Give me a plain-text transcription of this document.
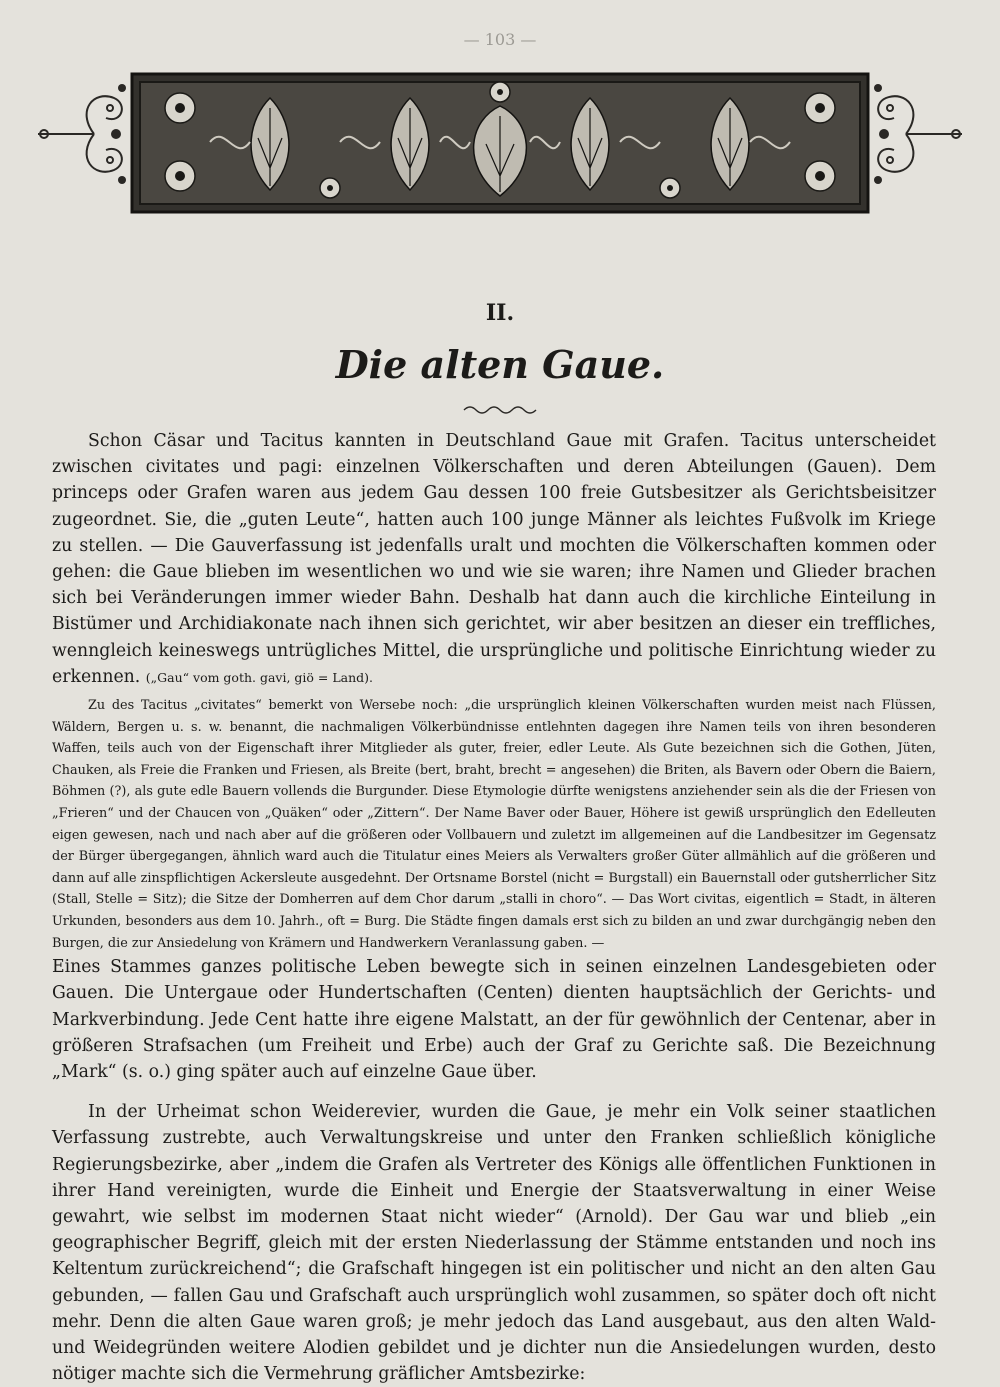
— 103 —
II.
Die alten Gaue.

Schon Cäsar und Tacitus kannten in Deutschland Gaue mit Grafen. Tacitus unterscheidet zwischen civitates und pagi: einzelnen Völkerschaften und deren Abteilungen (Gauen). Dem princeps oder Grafen waren aus jedem Gau dessen 100 freie Gutsbesitzer als Gerichtsbeisitzer zugeordnet. Sie, die „guten Leute“, hatten auch 100 junge Männer als leichtes Fußvolk im Kriege zu stellen. — Die Gauverfassung ist jedenfalls uralt und mochten die Völkerschaften kommen oder gehen: die Gaue blieben im wesentlichen wo und wie sie waren; ihre Namen und Glieder brachen sich bei Veränderungen immer wieder Bahn. Deshalb hat dann auch die kirchliche Einteilung in Bistümer und Archidiakonate nach ihnen sich gerichtet, wir aber besitzen an dieser ein treffliches, wenngleich keineswegs untrügliches Mittel, die ursprüngliche und politische Einrichtung wieder zu erkennen. („Gau“ vom goth. gavi, giö = Land).

Zu des Tacitus „civitates“ bemerkt von Wersebe noch: „die ursprünglich kleinen Völkerschaften wurden meist nach Flüssen, Wäldern, Bergen u. s. w. benannt, die nachmaligen Völkerbündnisse entlehnten dagegen ihre Namen teils von ihren besonderen Waffen, teils auch von der Eigenschaft ihrer Mitglieder als guter, freier, edler Leute. Als Gute bezeichnen sich die Gothen, Jüten, Chauken, als Freie die Franken und Friesen, als Breite (bert, braht, brecht = angesehen) die Briten, als Bavern oder Obern die Baiern, Böhmen (?), als gute edle Bauern vollends die Burgunder. Diese Etymologie dürfte wenigstens anziehender sein als die der Friesen von „Frieren“ und der Chaucen von „Quäken“ oder „Zittern“. Der Name Baver oder Bauer, Höhere ist gewiß ursprünglich den Edelleuten eigen gewesen, nach und nach aber auf die größeren oder Vollbauern und zuletzt im allgemeinen auf die Landbesitzer im Gegensatz der Bürger übergegangen, ähnlich ward auch die Titulatur eines Meiers als Verwalters großer Güter allmählich auf die größeren und dann auf alle zinspflichtigen Ackersleute ausgedehnt. Der Ortsname Borstel (nicht = Burgstall) ein Bauernstall oder gutsherrlicher Sitz (Stall, Stelle = Sitz); die Sitze der Domherren auf dem Chor darum „stalli in choro“. — Das Wort civitas, eigentlich = Stadt, in älteren Urkunden, besonders aus dem 10. Jahrh., oft = Burg. Die Städte fingen damals erst sich zu bilden an und zwar durchgängig neben den Burgen, die zur Ansiedelung von Krämern und Handwerkern Veranlassung gaben. —

Eines Stammes ganzes politische Leben bewegte sich in seinen einzelnen Landesgebieten oder Gauen. Die Untergaue oder Hundertschaften (Centen) dienten hauptsächlich der Gerichts- und Markverbindung. Jede Cent hatte ihre eigene Malstatt, an der für gewöhnlich der Centenar, aber in größeren Strafsachen (um Freiheit und Erbe) auch der Graf zu Gerichte saß. Die Bezeichnung „Mark“ (s. o.) ging später auch auf einzelne Gaue über.

In der Urheimat schon Weiderevier, wurden die Gaue, je mehr ein Volk seiner staatlichen Verfassung zustrebte, auch Verwaltungskreise und unter den Franken schließlich königliche Regierungsbezirke, aber „indem die Grafen als Vertreter des Königs alle öffentlichen Funktionen in ihrer Hand vereinigten, wurde die Einheit und Energie der Staatsverwaltung in einer Weise gewahrt, wie selbst im modernen Staat nicht wieder“ (Arnold). Der Gau war und blieb „ein geographischer Begriff, gleich mit der ersten Niederlassung der Stämme entstanden und noch ins Keltentum zurückreichend“; die Grafschaft hingegen ist ein politischer und nicht an den alten Gau gebunden, — fallen Gau und Grafschaft auch ursprünglich wohl zusammen, so später doch oft nicht mehr. Denn die alten Gaue waren groß; je mehr jedoch das Land ausgebaut, aus den alten Wald- und Weidegründen weitere Alodien gebildet und je dichter nun die Ansiedelungen wurden, desto nötiger machte sich die Vermehrung gräflicher Amtsbezirke:
